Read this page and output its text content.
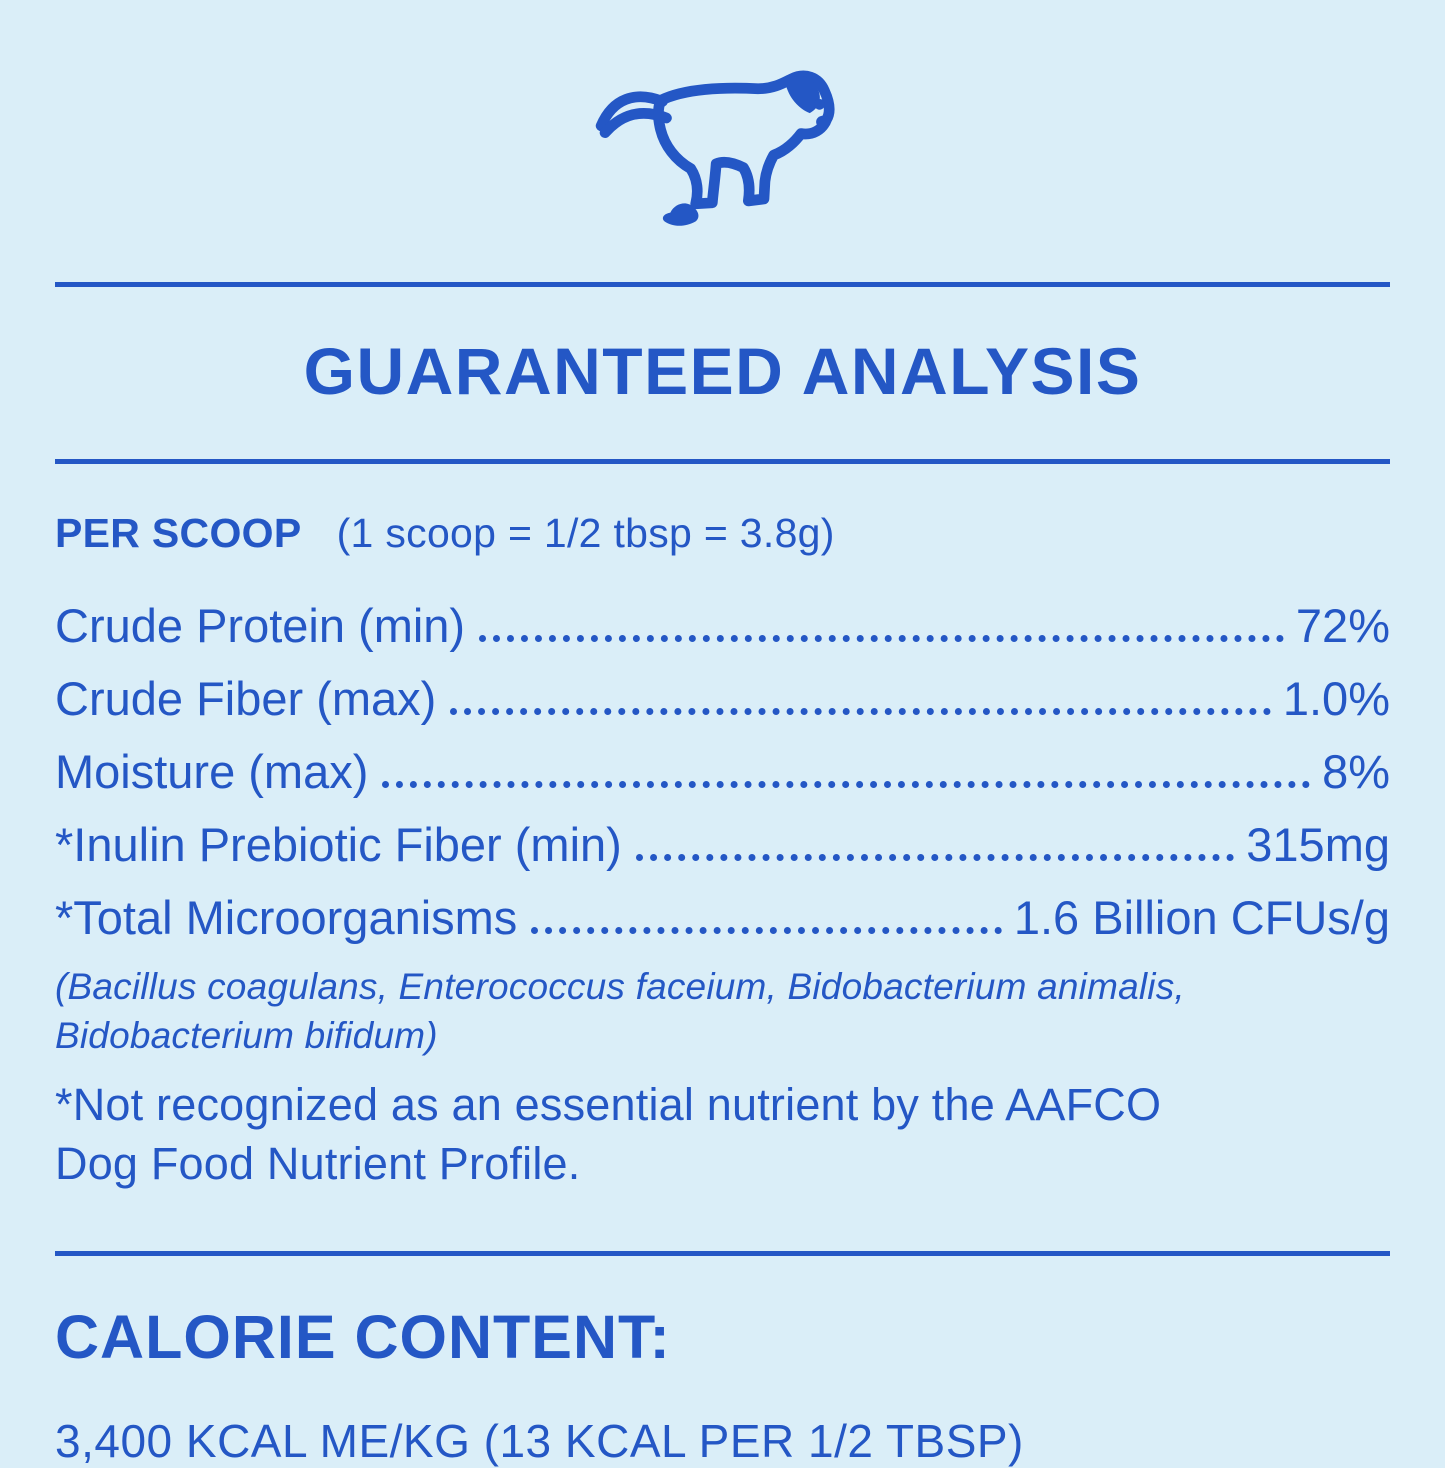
GUARANTEED ANALYSIS
PER SCOOP (1 scoop = 1/2 tbsp = 3.8g)
Crude Protein (min)	72%
Crude Fiber (max)	1.0%
Moisture (max)	8%
*Inulin Prebiotic Fiber (min)	315mg
*Total Microorganisms	1.6 Billion CFUs/g
(Bacillus coagulans, Enterococcus faceium, Bidobacterium animalis, Bidobacterium bifidum)
*Not recognized as an essential nutrient by the AAFCO Dog Food Nutrient Profile.
CALORIE CONTENT:
3,400 KCAL ME/KG (13 KCAL PER 1/2 TBSP)
